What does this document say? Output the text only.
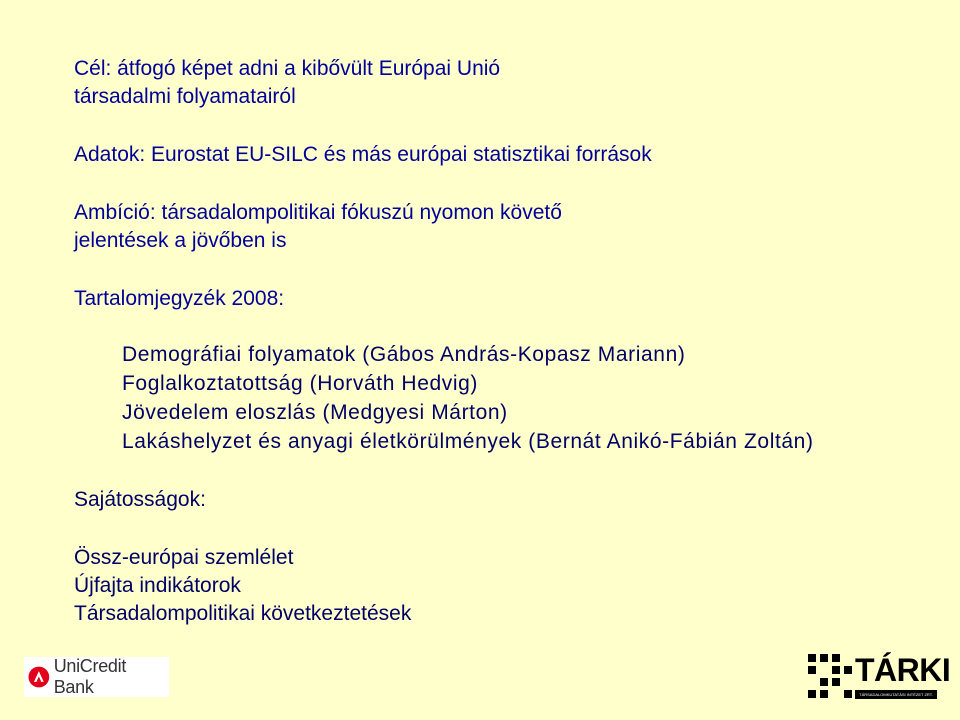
Cél: átfogó képet adni a kibővült Európai Unió

társadalmi folyamatairól

Adatok: Eurostat EU-SILC és más európai statisztikai források

Ambíció: társadalompolitikai fókuszú nyomon követő

jelentések a jövőben is

Tartalomjegyzék 2008:

Demográfiai folyamatok (Gábos András-Kopasz Mariann)

Foglalkoztatottság (Horváth Hedvig)

Jövedelem eloszlás (Medgyesi Márton)

Lakáshelyzet és anyagi életkörülmények (Bernát Anikó-Fábián Zoltán)

Sajátosságok:

Össz-európai szemlélet

Újfajta indikátorok

Társadalompolitikai következtetések

UniCredit Bank	TÁRKI
TÁRSADALOMKUTATÁSI INTÉZET ZRT.
